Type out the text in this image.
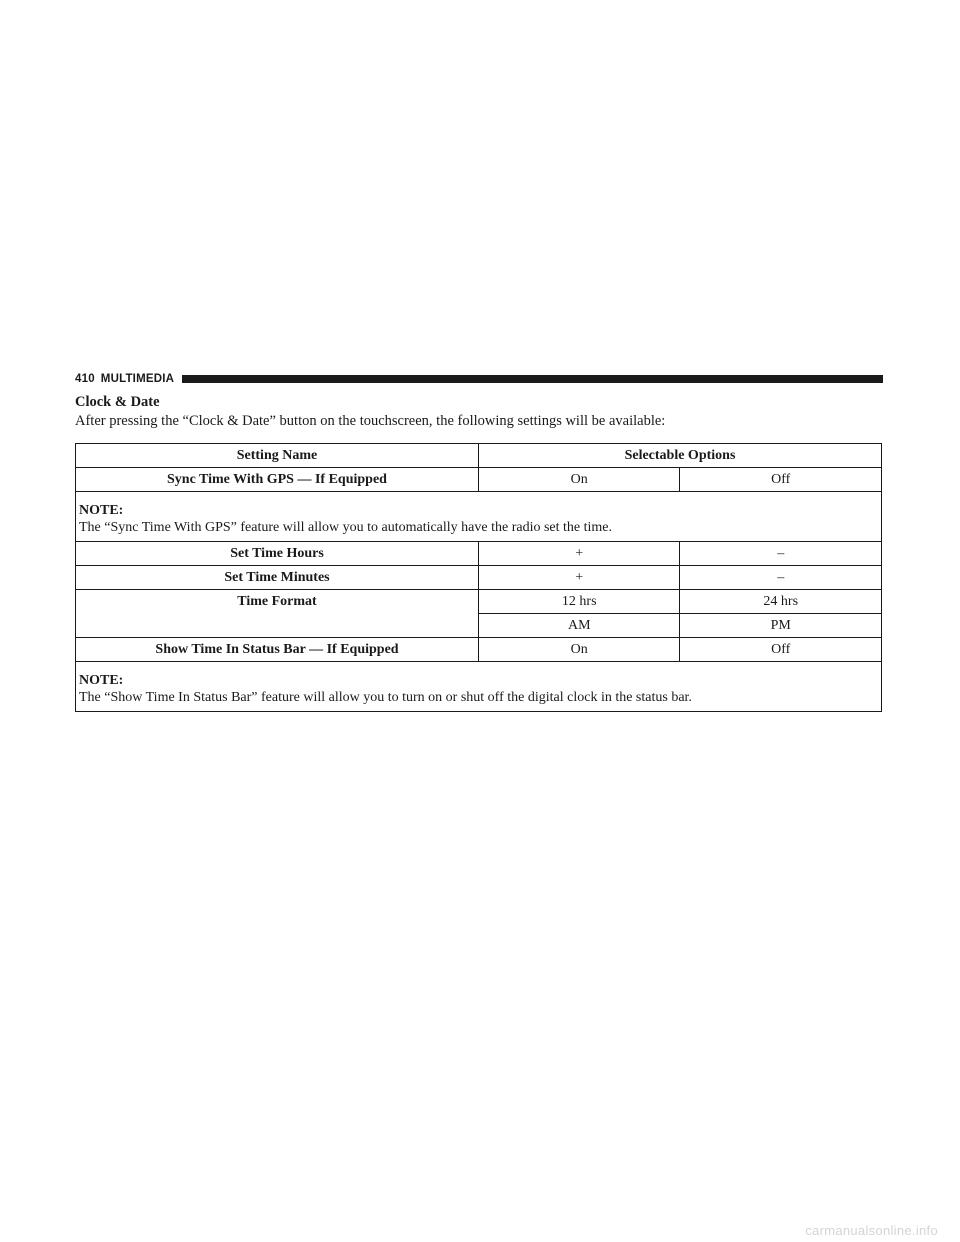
410 MULTIMEDIA
Clock & Date
After pressing the “Clock & Date” button on the touchscreen, the following settings will be available:
Setting Name	Selectable Options	
Sync Time With GPS — If Equipped	On	Off

NOTE:
The “Sync Time With GPS” feature will allow you to automatically have the radio set the time.		

Set Time Hours	+	–
Set Time Minutes	+	–
Time Format	12 hrs	24 hrs
	AM	PM
Show Time In Status Bar — If Equipped	On	Off

NOTE:
The “Show Time In Status Bar” feature will allow you to turn on or shut off the digital clock in the status bar.		
carmanualsonline.info
